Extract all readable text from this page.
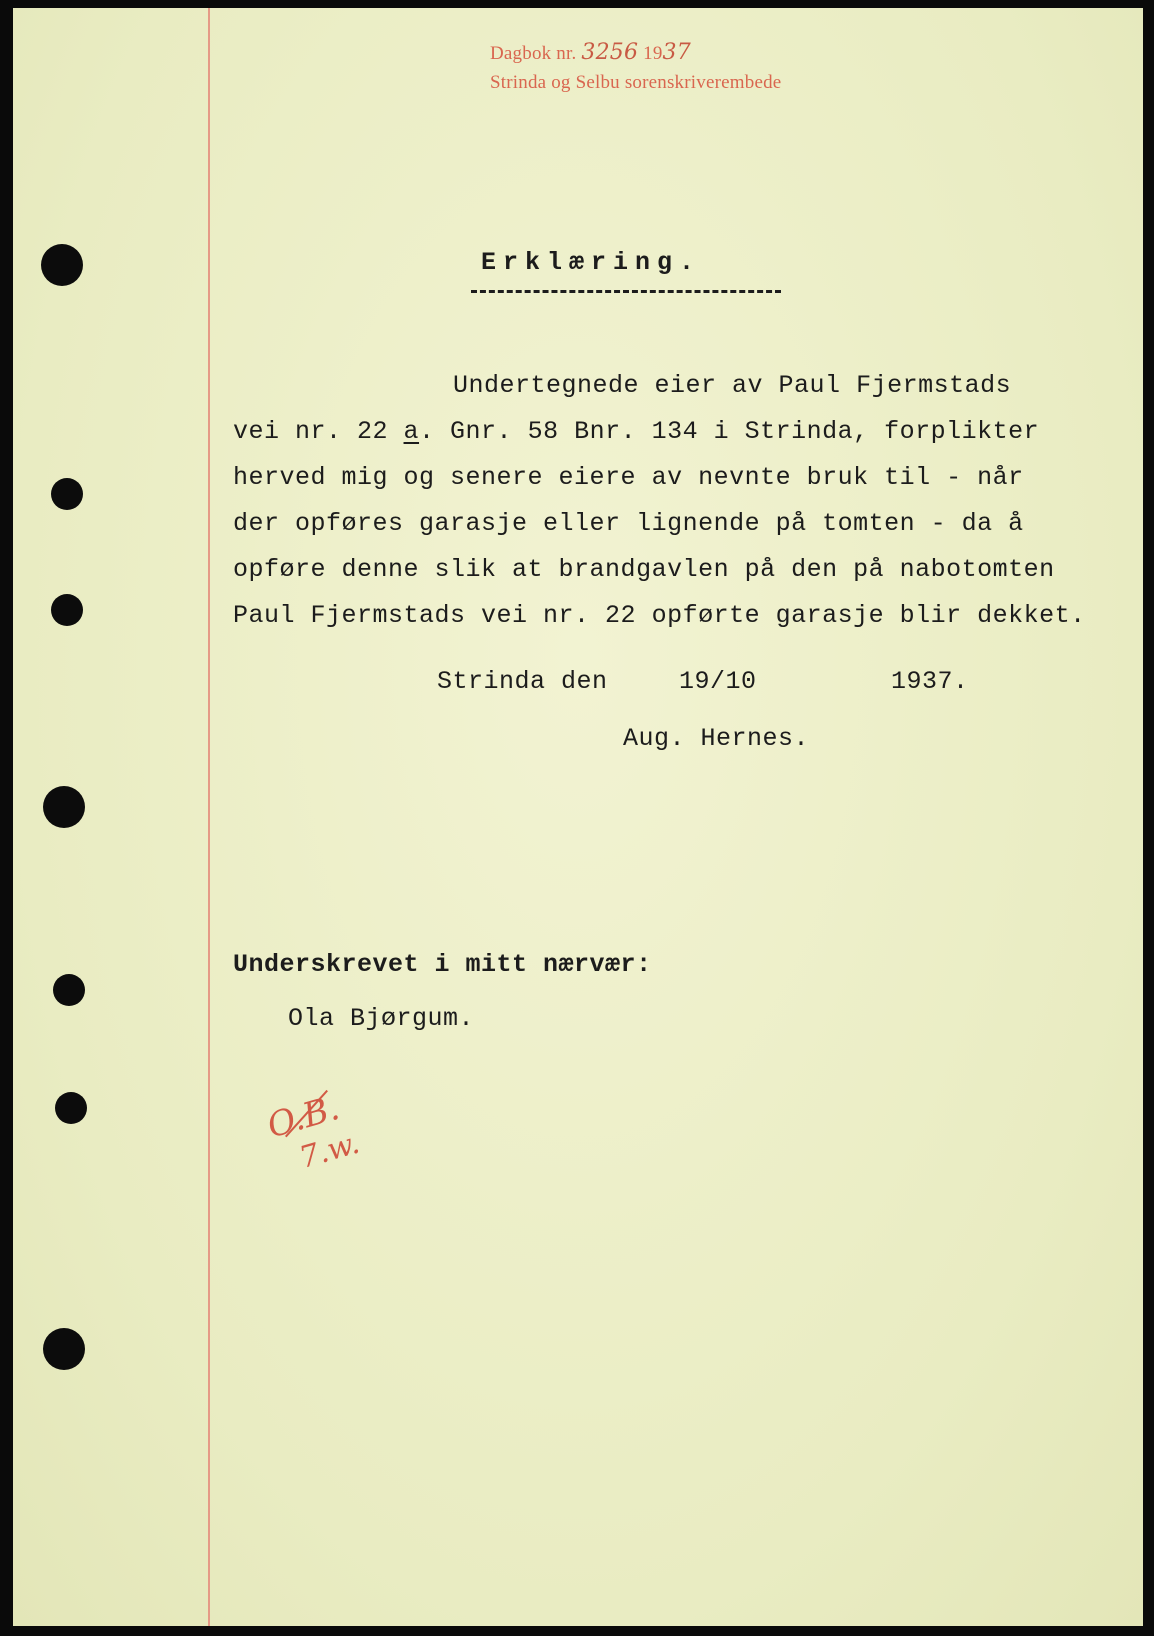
Dagbok nr. 3256 1937
Strinda og Selbu sorenskriverembede
Erklæring.
Undertegnede eier av Paul Fjermstads
vei nr. 22 a. Gnr. 58 Bnr. 134 i Strinda, forplikter
herved mig og senere eiere av nevnte bruk til - når
der opføres garasje eller lignende på tomten - da å
opføre denne slik at brandgavlen på den på nabotomten
Paul Fjermstads vei nr. 22 opførte garasje blir dekket.
Strinda den	19/10	1937.
Aug. Hernes.
Underskrevet i mitt nærvær:
Ola Bjørgum.
O.B.
7.w.
